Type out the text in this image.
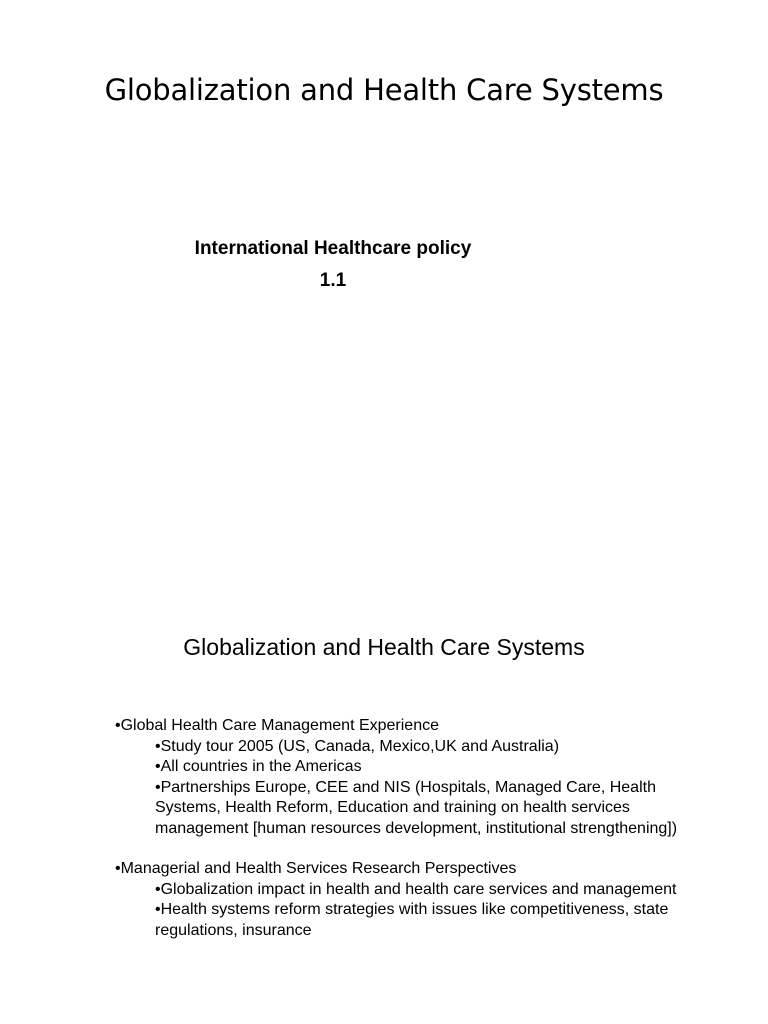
Globalization and Health Care Systems
International Healthcare policy
1.1
Globalization and Health Care Systems

•Global Health Care Management Experience

•Study tour 2005 (US, Canada, Mexico,UK and Australia)

•All countries in the Americas

•Partnerships Europe, CEE and NIS (Hospitals, Managed Care, Health Systems, Health Reform, Education and training on health services management [human resources development, institutional strengthening])

•Managerial and Health Services Research Perspectives

•Globalization impact in health and health care services and management

•Health systems reform strategies with issues like competitiveness, state regulations, insurance
